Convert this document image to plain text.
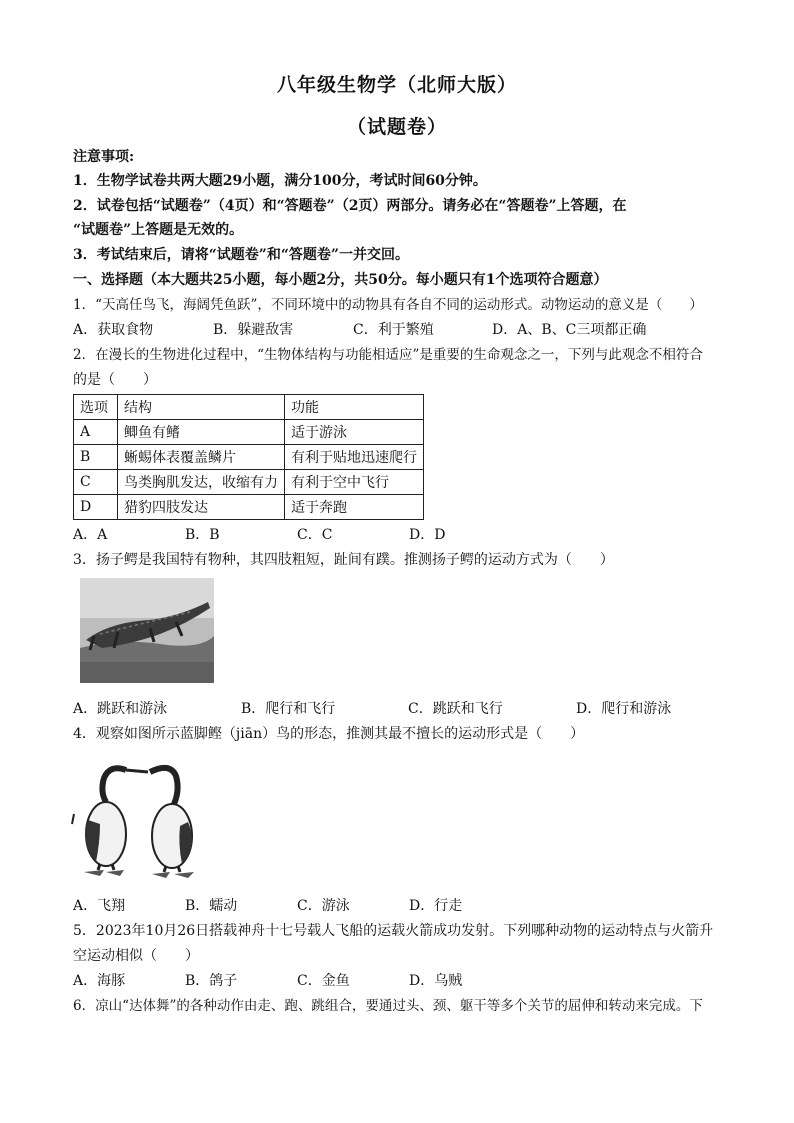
八年级生物学（北师大版）
（试题卷）
注意事项:
1．生物学试卷共两大题29小题，满分100分，考试时间60分钟。
2．试卷包括“试题卷”（4页）和“答题卷”（2页）两部分。请务必在“答题卷”上答题，在
“试题卷”上答题是无效的。
3．考试结束后，请将“试题卷”和“答题卷”一并交回。
一、选择题（本大题共25小题，每小题2分，共50分。每小题只有1个选项符合题意）
1．“天高任鸟飞，海阔凭鱼跃”，不同环境中的动物具有各自不同的运动形式。动物运动的意义是（　　）
A．获取食物	B．躲避敌害	C．利于繁殖	D．A、B、C三项都正确
2．在漫长的生物进化过程中，“生物体结构与功能相适应”是重要的生命观念之一，下列与此观念不相符合
的是（　　）
选项	结构	功能
A	鲫鱼有鳍	适于游泳
B	蜥蜴体表覆盖鳞片	有利于贴地迅速爬行
C	鸟类胸肌发达，收缩有力	有利于空中飞行
D	猎豹四肢发达	适于奔跑
A．A	B．B	C．C	D．D
3．扬子鳄是我国特有物种，其四肢粗短，趾间有蹼。推测扬子鳄的运动方式为（　　）
A．跳跃和游泳	B．爬行和飞行	C．跳跃和飞行	D．爬行和游泳
4．观察如图所示蓝脚鲣（jiān）鸟的形态，推测其最不擅长的运动形式是（　　）
A．飞翔	B．蠕动	C．游泳	D．行走
5．2023年10月26日搭载神舟十七号载人飞船的运载火箭成功发射。下列哪种动物的运动特点与火箭升
空运动相似（　　）
A．海豚	B．鸽子	C．金鱼	D．乌贼
6．凉山“达体舞”的各种动作由走、跑、跳组合，要通过头、颈、躯干等多个关节的屈伸和转动来完成。下
